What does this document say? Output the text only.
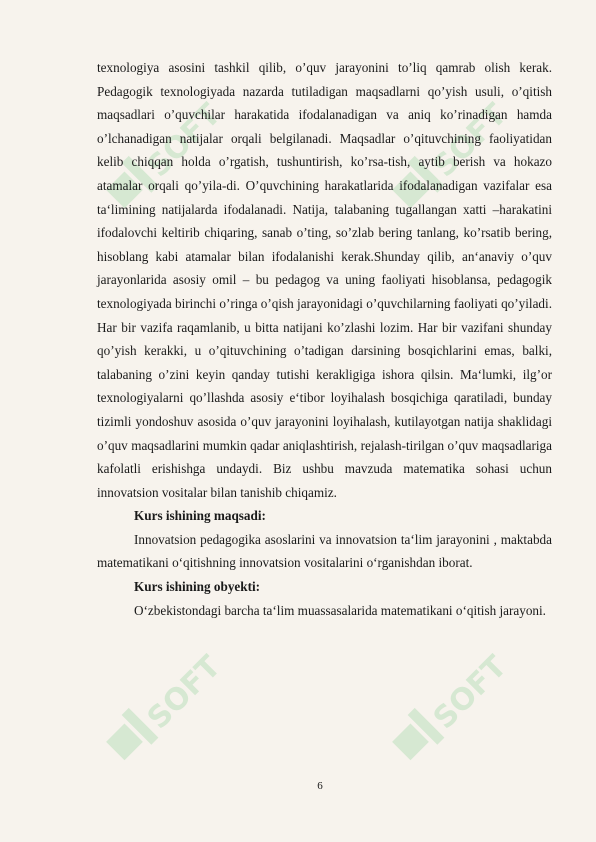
SOFT	SOFT
SOFT	SOFT

texnologiya asosini tashkil qilib, o’quv jarayonini to’liq qamrab olish kerak. Pedagogik texnologiyada nazarda tutiladigan maqsadlarni qo’yish usuli, o’qitish maqsadlari o’quvchilar harakatida ifodalanadigan va aniq ko’rinadigan hamda o’lchanadigan natijalar orqali belgilanadi. Maqsadlar o’qituvchining faoliyatidan kelib chiqqan holda o’rgatish, tushuntirish, ko’rsa-tish, aytib berish va hokazo atamalar orqali qo’yila-di. O’quvchining harakatlarida ifodalanadigan vazifalar esa ta‘limining natijalarda ifodalanadi. Natija, talabaning tugallangan xatti –harakatini ifodalovchi keltirib chiqaring, sanab o’ting, so’zlab bering tanlang, ko’rsatib bering, hisoblang kabi atamalar bilan ifodalanishi kerak.Shunday qilib, an‘anaviy o’quv jarayonlarida asosiy omil – bu pedagog va uning faoliyati hisoblansa, pedagogik texnologiyada birinchi o’ringa o’qish jarayonidagi o’quvchilarning faoliyati qo’yiladi. Har bir vazifa raqamlanib, u bitta natijani ko’zlashi lozim. Har bir vazifani shunday qo’yish kerakki, u o’qituvchining o’tadigan darsining bosqichlarini emas, balki, talabaning o’zini keyin qanday tutishi kerakligiga ishora qilsin. Ma‘lumki, ilg’or texnologiyalarni qo’llashda asosiy e‘tibor loyihalash bosqichiga qaratiladi, bunday tizimli yondoshuv asosida o’quv jarayonini loyihalash, kutilayotgan natija shaklidagi o’quv maqsadlarini mumkin qadar aniqlashtirish, rejalash-tirilgan o’quv maqsadlariga kafolatli erishishga undaydi. Biz ushbu mavzuda matematika sohasi uchun innovatsion vositalar bilan tanishib chiqamiz.

Kurs ishining maqsadi:

Innovatsion pedagogika asoslarini va innovatsion ta‘lim jarayonini , maktabda matematikani o‘qitishning innovatsion vositalarini o‘rganishdan iborat.

Kurs ishining obyekti:

O‘zbekistondagi barcha ta‘lim muassasalarida matematikani o‘qitish jarayoni.

6
